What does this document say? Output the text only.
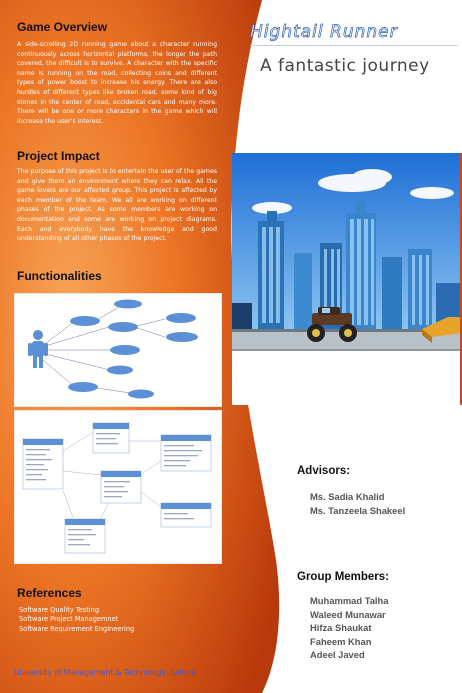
Game Overview

A side-scrolling 2D running game about a character running continuously across horizontal platforms, the longer the path covered, the difficult is to survive. A character with the specific name is running on the road, collecting coins and different types of power boost to increase his energy. There are also hurdles of different types like broken road, some kind of big stones in the center of road, accidental cars and many more. There will be one or more characters in the game which will increase the user's interest.

Project Impact

The purpose of this project is to entertain the user of the games and give them an environment where they can relax. All the game lovers are our affected group. This project is affected by each member of the team. We all are working on different phases of the project. As some members are working on documentation and some are working on project diagrams. Each and everybody have the knowledge and good understanding of all other phases of the project.

Functionalities
References
Software Quality Testing
Software Project Managemnet
Software Requirement Engineering
University of Management & Technology, Lahore
Hightail Runner
A fantastic journey
Advisors:
Ms. Sadia Khalid
Ms. Tanzeela Shakeel
Group Members:
Muhammad Talha
Waleed Munawar
Hifza Shaukat
Faheem Khan
Adeel Javed
